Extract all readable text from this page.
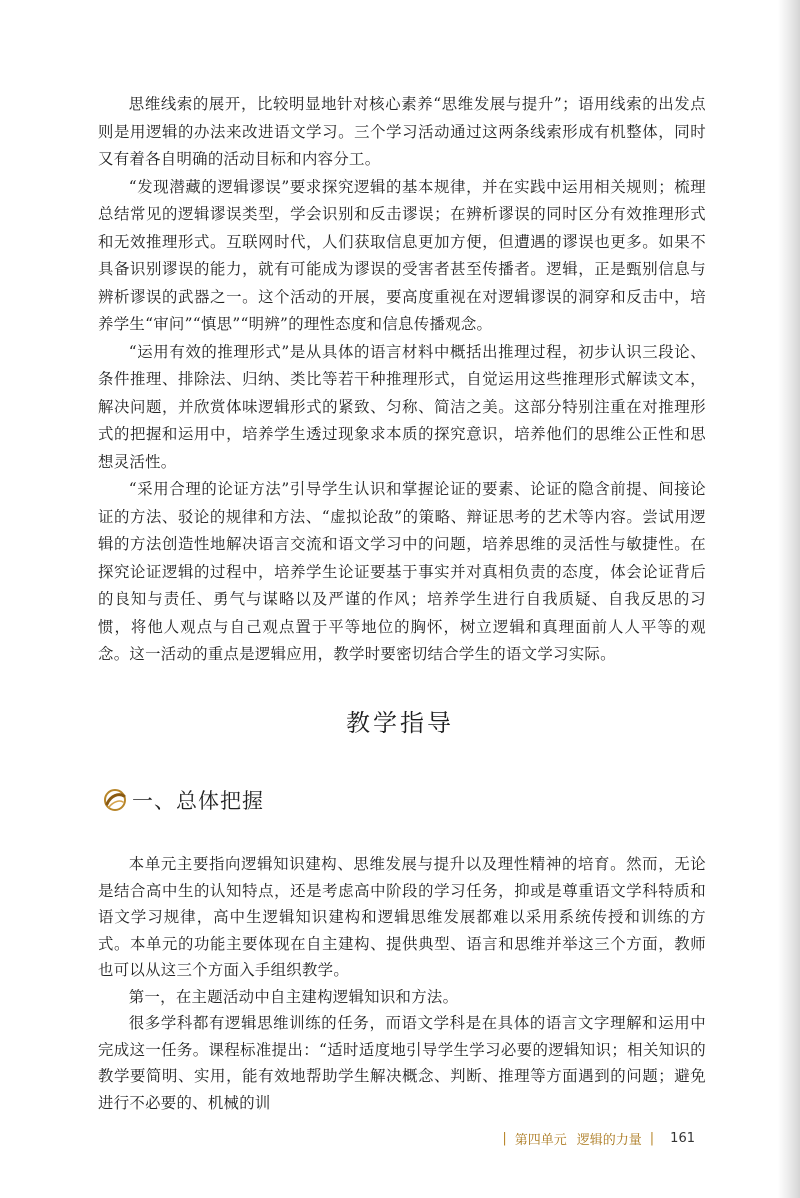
思维线索的展开，比较明显地针对核心素养“思维发展与提升”；语用线索的出发点则是用逻辑的办法来改进语文学习。三个学习活动通过这两条线索形成有机整体，同时又有着各自明确的活动目标和内容分工。

“发现潜藏的逻辑谬误”要求探究逻辑的基本规律，并在实践中运用相关规则；梳理总结常见的逻辑谬误类型，学会识别和反击谬误；在辨析谬误的同时区分有效推理形式和无效推理形式。互联网时代，人们获取信息更加方便，但遭遇的谬误也更多。如果不具备识别谬误的能力，就有可能成为谬误的受害者甚至传播者。逻辑，正是甄别信息与辨析谬误的武器之一。这个活动的开展，要高度重视在对逻辑谬误的洞穿和反击中，培养学生“审问”“慎思”“明辨”的理性态度和信息传播观念。

“运用有效的推理形式”是从具体的语言材料中概括出推理过程，初步认识三段论、条件推理、排除法、归纳、类比等若干种推理形式，自觉运用这些推理形式解读文本，解决问题，并欣赏体味逻辑形式的紧致、匀称、简洁之美。这部分特别注重在对推理形式的把握和运用中，培养学生透过现象求本质的探究意识，培养他们的思维公正性和思想灵活性。

“采用合理的论证方法”引导学生认识和掌握论证的要素、论证的隐含前提、间接论证的方法、驳论的规律和方法、“虚拟论敌”的策略、辩证思考的艺术等内容。尝试用逻辑的方法创造性地解决语言交流和语文学习中的问题，培养思维的灵活性与敏捷性。在探究论证逻辑的过程中，培养学生论证要基于事实并对真相负责的态度，体会论证背后的良知与责任、勇气与谋略以及严谨的作风；培养学生进行自我质疑、自我反思的习惯，将他人观点与自己观点置于平等地位的胸怀，树立逻辑和真理面前人人平等的观念。这一活动的重点是逻辑应用，教学时要密切结合学生的语文学习实际。

教学指导
一、总体把握

本单元主要指向逻辑知识建构、思维发展与提升以及理性精神的培育。然而，无论是结合高中生的认知特点，还是考虑高中阶段的学习任务，抑或是尊重语文学科特质和语文学习规律，高中生逻辑知识建构和逻辑思维发展都难以采用系统传授和训练的方式。本单元的功能主要体现在自主建构、提供典型、语言和思维并举这三个方面，教师也可以从这三个方面入手组织教学。

第一，在主题活动中自主建构逻辑知识和方法。

很多学科都有逻辑思维训练的任务，而语文学科是在具体的语言文字理解和运用中完成这一任务。课程标准提出：“适时适度地引导学生学习必要的逻辑知识；相关知识的教学要简明、实用，能有效地帮助学生解决概念、判断、推理等方面遇到的问题；避免进行不必要的、机械的训

| 第四单元 逻辑的力量 | 161
